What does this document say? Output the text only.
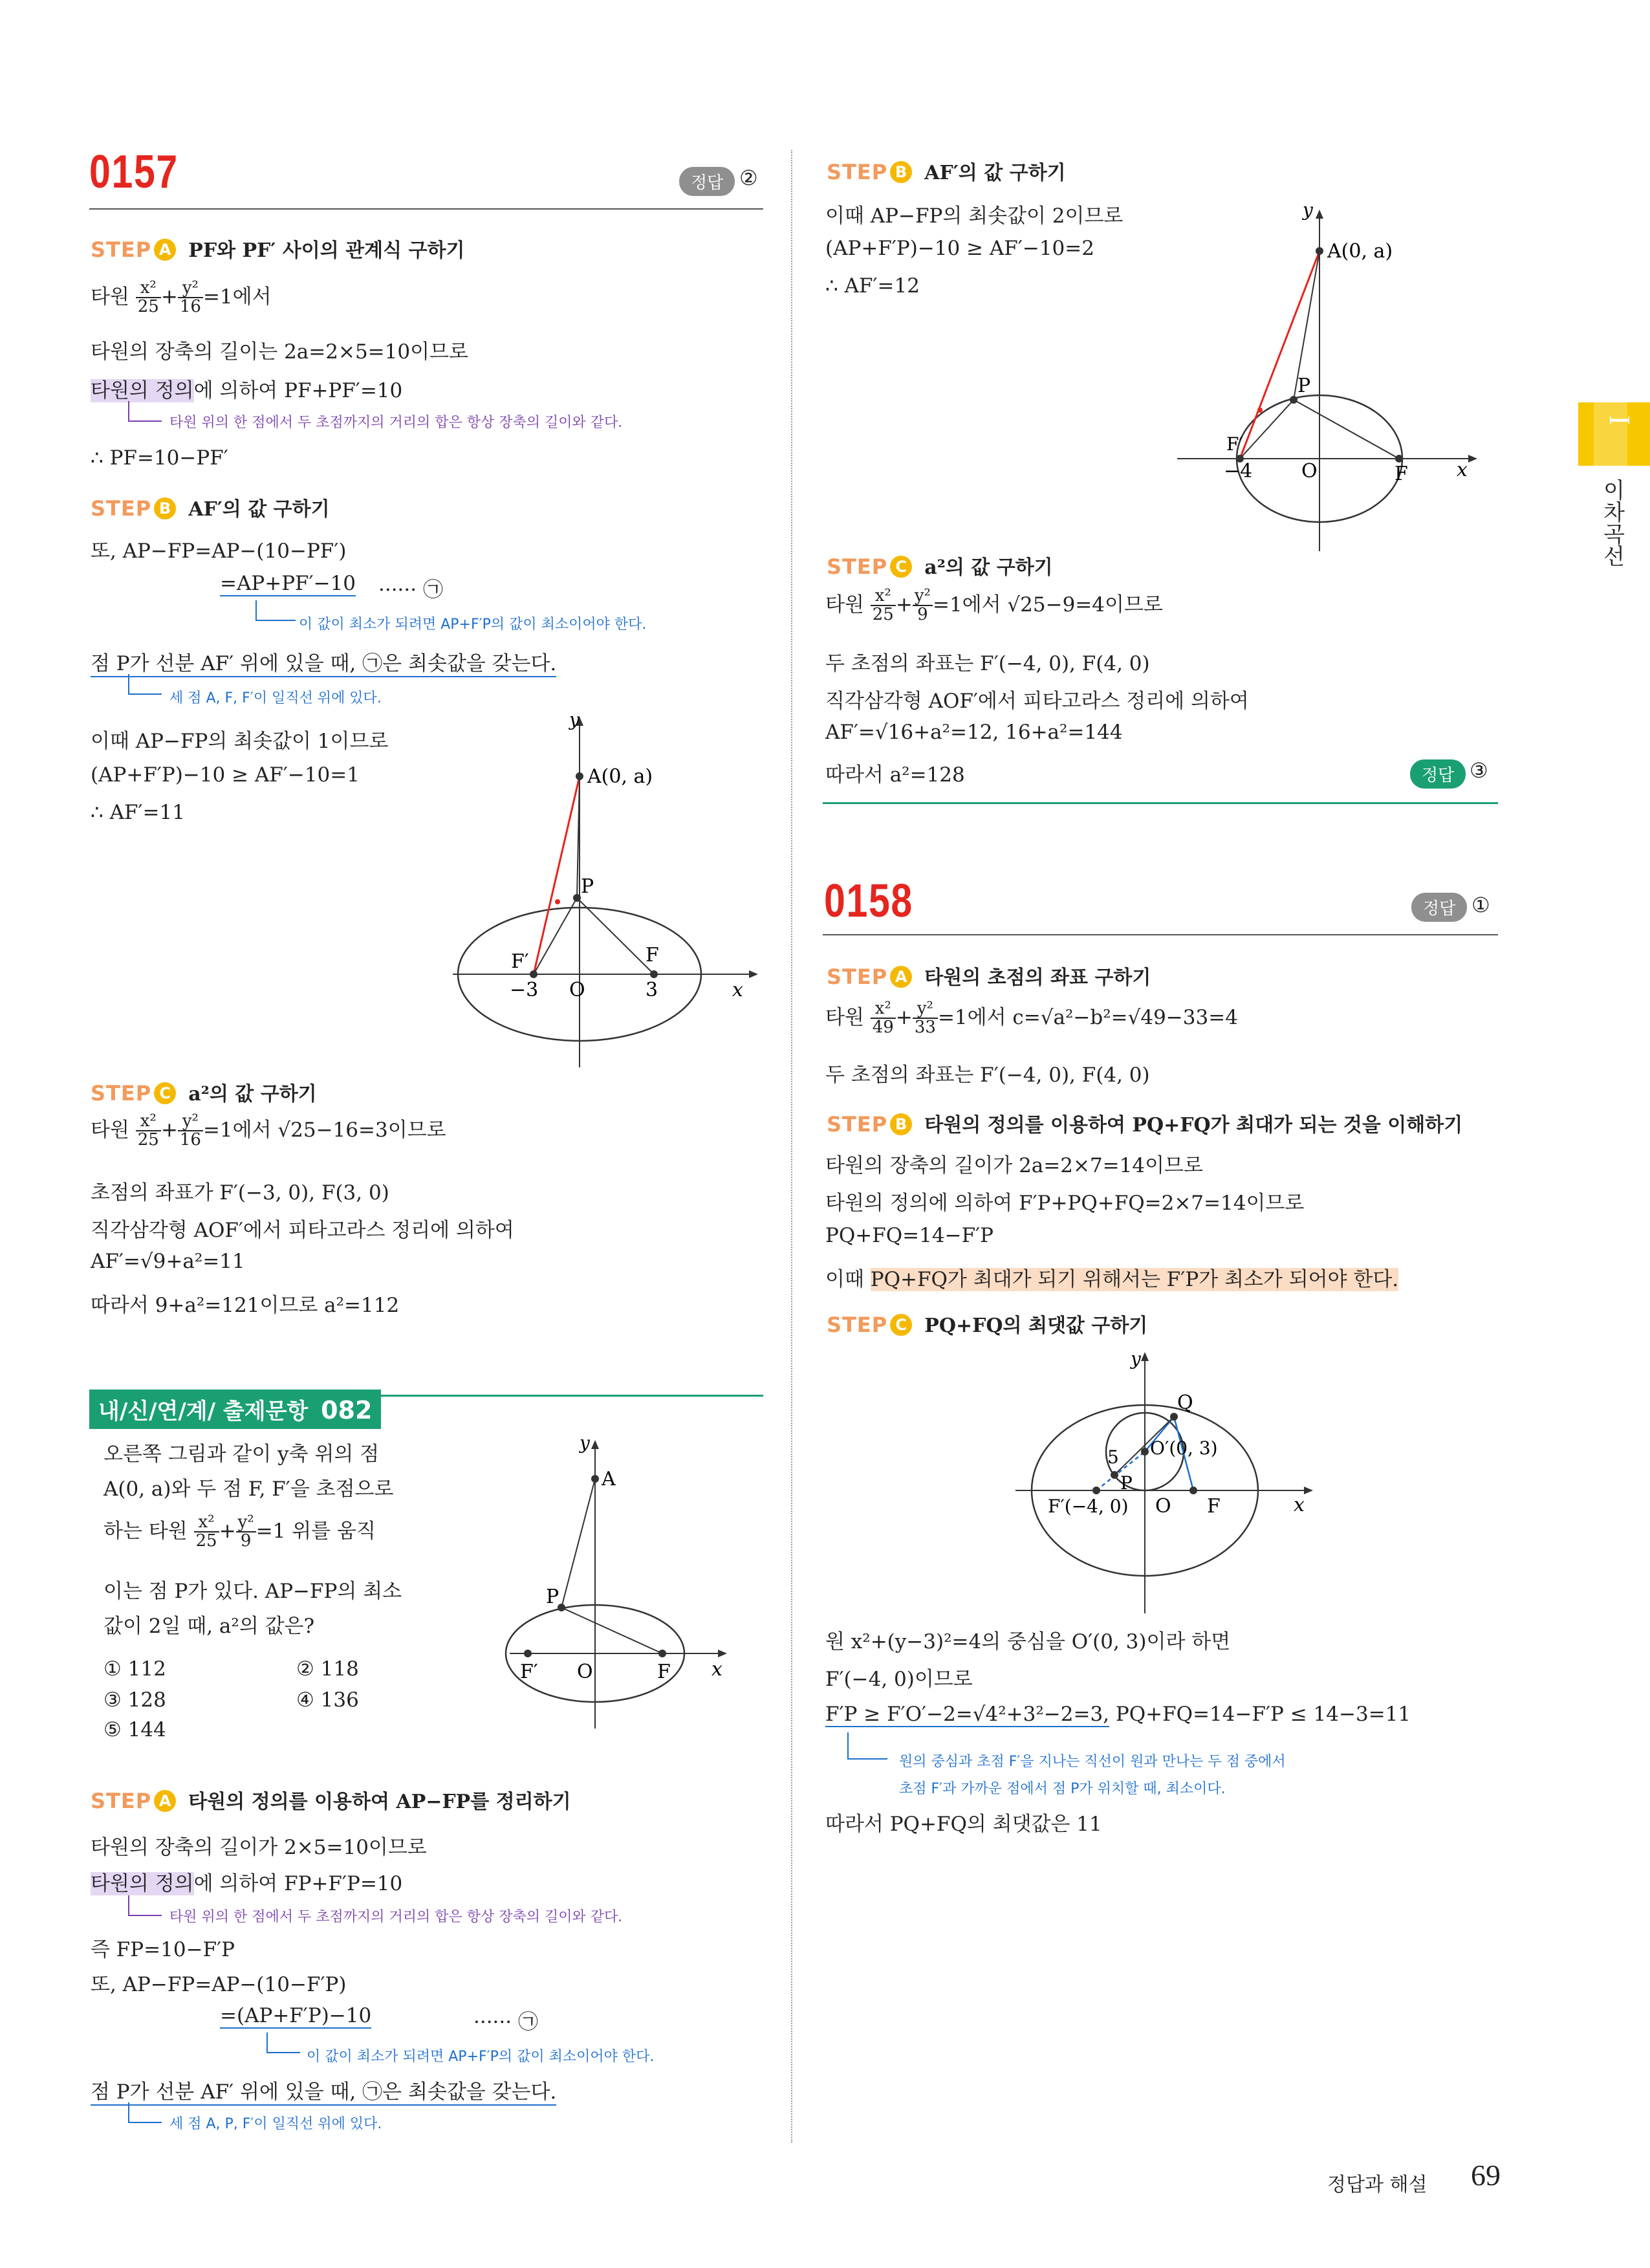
0157	정답 ②
STEP A PF와 PF′ 사이의 관계식 구하기
타원 $\frac{\text{x²}}{25} + \frac{\text{y²}}{16} =1$에서
타원의 장축의 길이는 2a=2×5=10이므로
타원의 정의에 의하여 PF+PF′=10
타원 위의 한 점에서 두 초점까지의 거리의 합은 항상 장축의 길이와 같다.
∴ PF=10−PF′
STEP B AF′의 값 구하기
또, AP−FP=AP−(10−PF′)
=AP+PF′−10 ······ ㉠
이 값이 최소가 되려면 AP+F′P의 값이 최소이어야 한다.
점 P가 선분 AF′ 위에 있을 때, ㉠은 최솟값을 갖는다.
세 점 A, F, F′이 일직선 위에 있다.
이때 AP−FP의 최솟값이 1이므로
(AP+F′P)−10 ≥ AF′−10=1
∴ AF′=11
y
x
A(0, a)
P
F
F′
−3 O	3
STEP C a²의 값 구하기
타원 $\frac{\text{x²}}{25} + \frac{\text{y²}}{16} =1$에서 √25−16=3이므로
초점의 좌표가 F′(−3, 0), F(3, 0)
직각삼각형 AOF′에서 피타고라스 정리에 의하여
AF′=√9+a²=11
따라서 9+a²=121이므로 a²=112
내/신/연/계/ 출제문항 082
오른쪽 그림과 같이 y축 위의 점
A(0, a)와 두 점 F, F′을 초점으로
하는 타원 $\frac{\text{x²}}{25} + \frac{\text{y²}}{9} =1$ 위를 움직
이는 점 P가 있다. AP−FP의 최소
값이 2일 때, a²의 값은?
① 112	② 118
③ 128	④ 136
⑤ 144
y
x
A
P
F′ O	F
STEP A 타원의 정의를 이용하여 AP−FP를 정리하기
타원의 장축의 길이가 2×5=10이므로
타원의 정의에 의하여 FP+F′P=10
타원 위의 한 점에서 두 초점까지의 거리의 합은 항상 장축의 길이와 같다.
즉 FP=10−F′P
또, AP−FP=AP−(10−F′P)
=(AP+F′P)−10	······ ㉠
이 값이 최소가 되려면 AP+F′P의 값이 최소이어야 한다.
점 P가 선분 AF′ 위에 있을 때, ㉠은 최솟값을 갖는다.
세 점 A, P, F′이 일직선 위에 있다.
STEP B AF′의 값 구하기
이때 AP−FP의 최솟값이 2이므로
(AP+F′P)−10 ≥ AF′−10=2
∴ AF′=12
y
x
A(0, a)
P
F′
−4	O	F
STEP C a²의 값 구하기
타원 $\frac{\text{x²}}{25} + \frac{\text{y²}}{9} =1$에서 √25−9=4이므로
두 초점의 좌표는 F′(−4, 0), F(4, 0)
직각삼각형 AOF′에서 피타고라스 정리에 의하여
AF′=√16+a²=12, 16+a²=144
따라서 a²=128	정답 ③
0158	정답 ①
STEP A 타원의 초점의 좌표 구하기
타원 $\frac{\text{x²}}{49} + \frac{\text{y²}}{33} =1$에서 c=√a²−b²=√49−33=4
두 초점의 좌표는 F′(−4, 0), F(4, 0)
STEP B 타원의 정의를 이용하여 PQ+FQ가 최대가 되는 것을 이해하기
타원의 장축의 길이가 2a=2×7=14이므로
타원의 정의에 의하여 F′P+PQ+FQ=2×7=14이므로
PQ+FQ=14−F′P
이때 PQ+FQ가 최대가 되기 위해서는 F′P가 최소가 되어야 한다.
STEP C PQ+FQ의 최댓값 구하기
y
x
Q
5 O′(0, 3)
P
F′(−4, 0) O F
원 x²+(y−3)²=4의 중심을 O′(0, 3)이라 하면
F′(−4, 0)이므로
F′P ≥ F′O′−2=√4²+3²−2=3, PQ+FQ=14−F′P ≤ 14−3=11
원의 중심과 초점 F′을 지나는 직선이 원과 만나는 두 점 중에서
초점 F′과 가까운 점에서 점 P가 위치할 때, 최소이다.
따라서 PQ+FQ의 최댓값은 11
I
이차곡선
정답과 해설 69
